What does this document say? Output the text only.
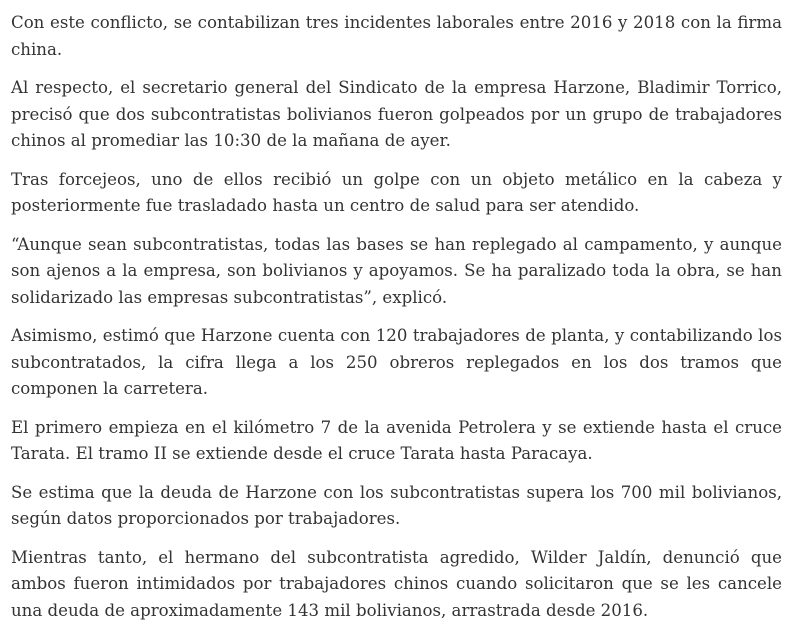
Con este conflicto, se contabilizan tres incidentes laborales entre 2016 y 2018 con la firma china.

Al respecto, el secretario general del Sindicato de la empresa Harzone, Bladimir Torrico, precisó que dos subcontratistas bolivianos fueron golpeados por un grupo de trabajadores chinos al promediar las 10:30 de la mañana de ayer.

Tras forcejeos, uno de ellos recibió un golpe con un objeto metálico en la cabeza y posteriormente fue trasladado hasta un centro de salud para ser atendido.

“Aunque sean subcontratistas, todas las bases se han replegado al campamento, y aunque son ajenos a la empresa, son bolivianos y apoyamos. Se ha paralizado toda la obra, se han solidarizado las empresas subcontratistas”, explicó.

Asimismo, estimó que Harzone cuenta con 120 trabajadores de planta, y contabilizando los subcontratados, la cifra llega a los 250 obreros replegados en los dos tramos que componen la carretera.

El primero empieza en el kilómetro 7 de la avenida Petrolera y se extiende hasta el cruce Tarata. El tramo II se extiende desde el cruce Tarata hasta Paracaya.

Se estima que la deuda de Harzone con los subcontratistas supera los 700 mil bolivianos, según datos proporcionados por trabajadores.

Mientras tanto, el hermano del subcontratista agredido, Wilder Jaldín, denunció que ambos fueron intimidados por trabajadores chinos cuando solicitaron que se les cancele una deuda de aproximadamente 143 mil bolivianos, arrastrada desde 2016.
